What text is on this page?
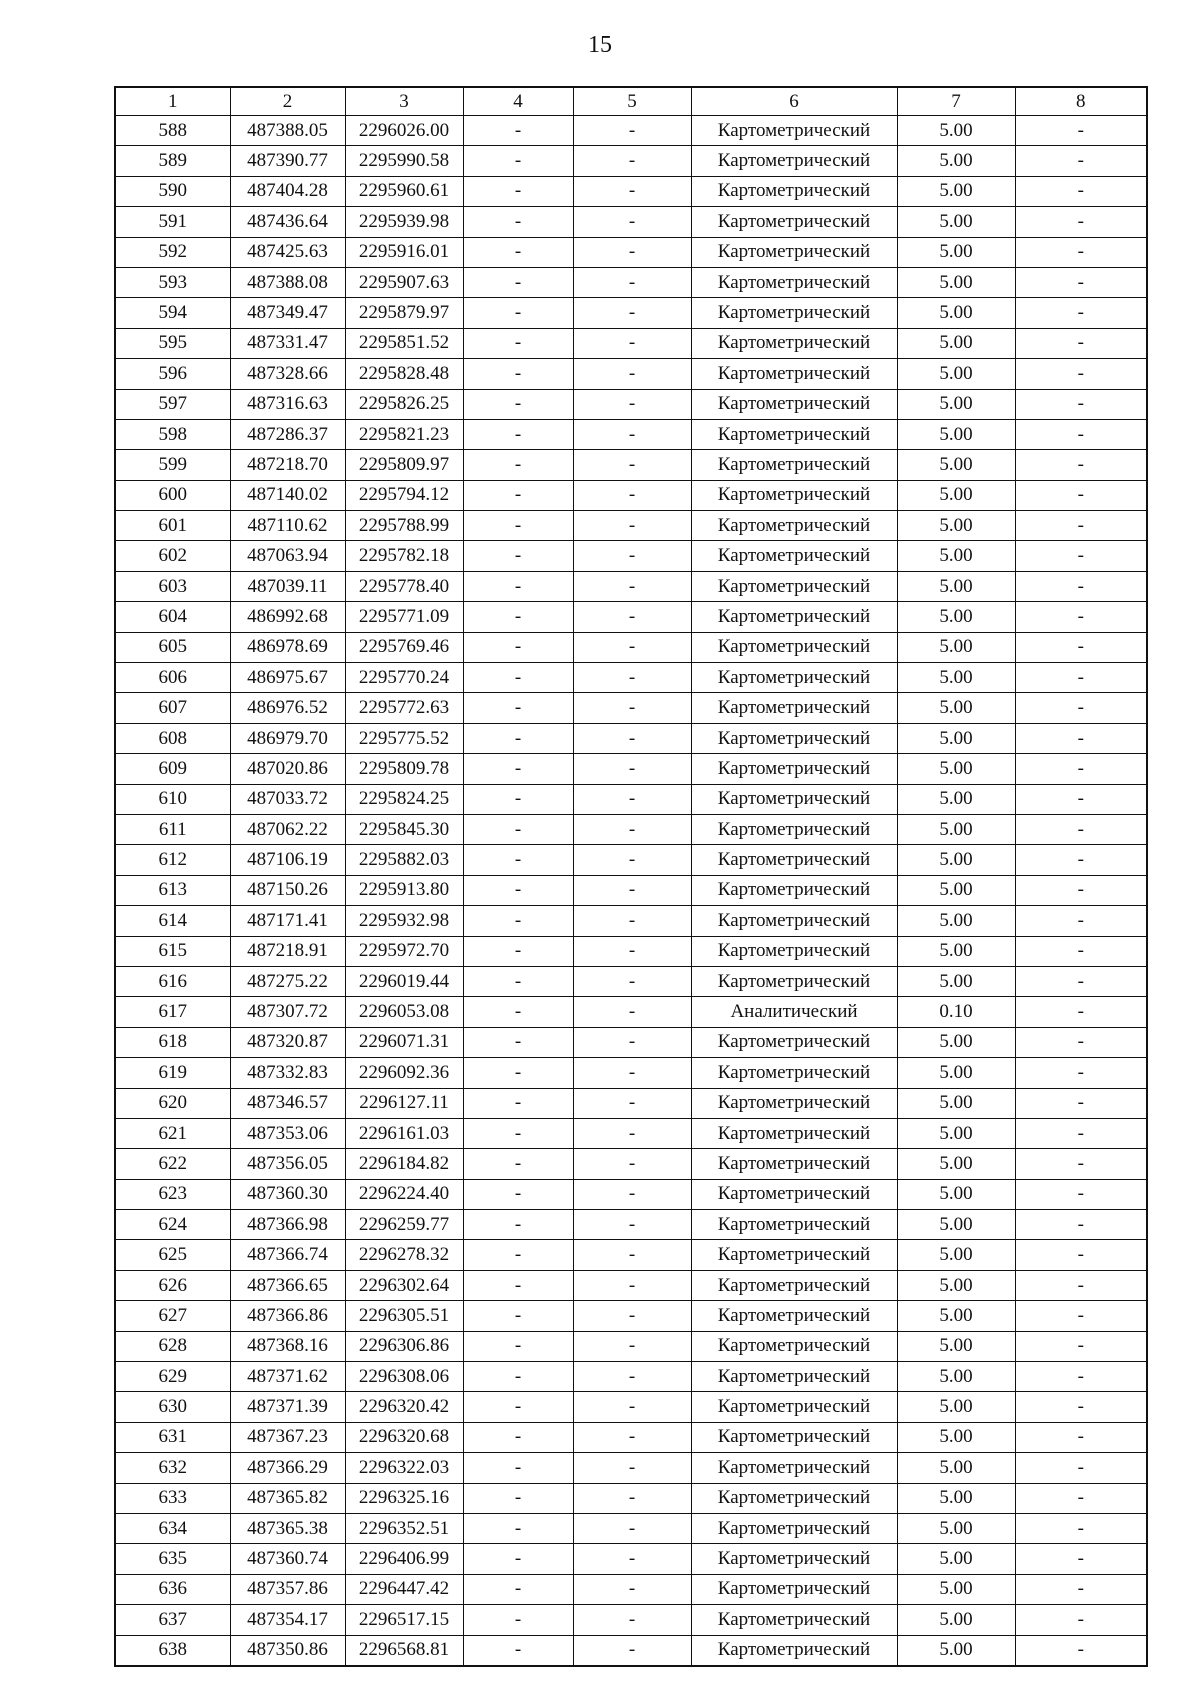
15
1	2	3	4	5	6	7	8
588	487388.05	2296026.00	-	-	Картометрический	5.00	-
589	487390.77	2295990.58	-	-	Картометрический	5.00	-
590	487404.28	2295960.61	-	-	Картометрический	5.00	-
591	487436.64	2295939.98	-	-	Картометрический	5.00	-
592	487425.63	2295916.01	-	-	Картометрический	5.00	-
593	487388.08	2295907.63	-	-	Картометрический	5.00	-
594	487349.47	2295879.97	-	-	Картометрический	5.00	-
595	487331.47	2295851.52	-	-	Картометрический	5.00	-
596	487328.66	2295828.48	-	-	Картометрический	5.00	-
597	487316.63	2295826.25	-	-	Картометрический	5.00	-
598	487286.37	2295821.23	-	-	Картометрический	5.00	-
599	487218.70	2295809.97	-	-	Картометрический	5.00	-
600	487140.02	2295794.12	-	-	Картометрический	5.00	-
601	487110.62	2295788.99	-	-	Картометрический	5.00	-
602	487063.94	2295782.18	-	-	Картометрический	5.00	-
603	487039.11	2295778.40	-	-	Картометрический	5.00	-
604	486992.68	2295771.09	-	-	Картометрический	5.00	-
605	486978.69	2295769.46	-	-	Картометрический	5.00	-
606	486975.67	2295770.24	-	-	Картометрический	5.00	-
607	486976.52	2295772.63	-	-	Картометрический	5.00	-
608	486979.70	2295775.52	-	-	Картометрический	5.00	-
609	487020.86	2295809.78	-	-	Картометрический	5.00	-
610	487033.72	2295824.25	-	-	Картометрический	5.00	-
611	487062.22	2295845.30	-	-	Картометрический	5.00	-
612	487106.19	2295882.03	-	-	Картометрический	5.00	-
613	487150.26	2295913.80	-	-	Картометрический	5.00	-
614	487171.41	2295932.98	-	-	Картометрический	5.00	-
615	487218.91	2295972.70	-	-	Картометрический	5.00	-
616	487275.22	2296019.44	-	-	Картометрический	5.00	-
617	487307.72	2296053.08	-	-	Аналитический	0.10	-
618	487320.87	2296071.31	-	-	Картометрический	5.00	-
619	487332.83	2296092.36	-	-	Картометрический	5.00	-
620	487346.57	2296127.11	-	-	Картометрический	5.00	-
621	487353.06	2296161.03	-	-	Картометрический	5.00	-
622	487356.05	2296184.82	-	-	Картометрический	5.00	-
623	487360.30	2296224.40	-	-	Картометрический	5.00	-
624	487366.98	2296259.77	-	-	Картометрический	5.00	-
625	487366.74	2296278.32	-	-	Картометрический	5.00	-
626	487366.65	2296302.64	-	-	Картометрический	5.00	-
627	487366.86	2296305.51	-	-	Картометрический	5.00	-
628	487368.16	2296306.86	-	-	Картометрический	5.00	-
629	487371.62	2296308.06	-	-	Картометрический	5.00	-
630	487371.39	2296320.42	-	-	Картометрический	5.00	-
631	487367.23	2296320.68	-	-	Картометрический	5.00	-
632	487366.29	2296322.03	-	-	Картометрический	5.00	-
633	487365.82	2296325.16	-	-	Картометрический	5.00	-
634	487365.38	2296352.51	-	-	Картометрический	5.00	-
635	487360.74	2296406.99	-	-	Картометрический	5.00	-
636	487357.86	2296447.42	-	-	Картометрический	5.00	-
637	487354.17	2296517.15	-	-	Картометрический	5.00	-
638	487350.86	2296568.81	-	-	Картометрический	5.00	-
